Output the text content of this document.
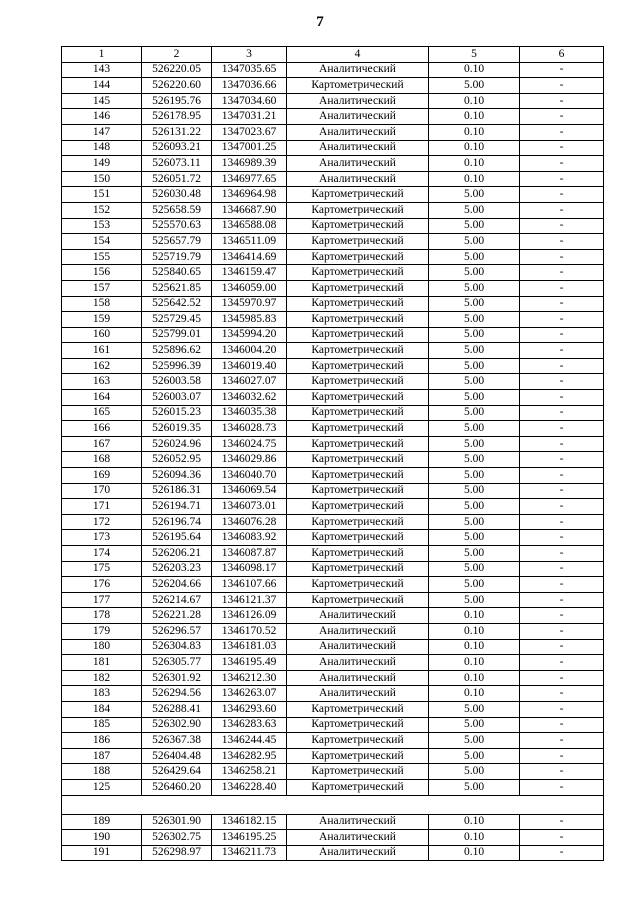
7
1	2	3	4	5	6
143	526220.05	1347035.65	Аналитический	0.10	-
144	526220.60	1347036.66	Картометрический	5.00	-
145	526195.76	1347034.60	Аналитический	0.10	-
146	526178.95	1347031.21	Аналитический	0.10	-
147	526131.22	1347023.67	Аналитический	0.10	-
148	526093.21	1347001.25	Аналитический	0.10	-
149	526073.11	1346989.39	Аналитический	0.10	-
150	526051.72	1346977.65	Аналитический	0.10	-
151	526030.48	1346964.98	Картометрический	5.00	-
152	525658.59	1346687.90	Картометрический	5.00	-
153	525570.63	1346588.08	Картометрический	5.00	-
154	525657.79	1346511.09	Картометрический	5.00	-
155	525719.79	1346414.69	Картометрический	5.00	-
156	525840.65	1346159.47	Картометрический	5.00	-
157	525621.85	1346059.00	Картометрический	5.00	-
158	525642.52	1345970.97	Картометрический	5.00	-
159	525729.45	1345985.83	Картометрический	5.00	-
160	525799.01	1345994.20	Картометрический	5.00	-
161	525896.62	1346004.20	Картометрический	5.00	-
162	525996.39	1346019.40	Картометрический	5.00	-
163	526003.58	1346027.07	Картометрический	5.00	-
164	526003.07	1346032.62	Картометрический	5.00	-
165	526015.23	1346035.38	Картометрический	5.00	-
166	526019.35	1346028.73	Картометрический	5.00	-
167	526024.96	1346024.75	Картометрический	5.00	-
168	526052.95	1346029.86	Картометрический	5.00	-
169	526094.36	1346040.70	Картометрический	5.00	-
170	526186.31	1346069.54	Картометрический	5.00	-
171	526194.71	1346073.01	Картометрический	5.00	-
172	526196.74	1346076.28	Картометрический	5.00	-
173	526195.64	1346083.92	Картометрический	5.00	-
174	526206.21	1346087.87	Картометрический	5.00	-
175	526203.23	1346098.17	Картометрический	5.00	-
176	526204.66	1346107.66	Картометрический	5.00	-
177	526214.67	1346121.37	Картометрический	5.00	-
178	526221.28	1346126.09	Аналитический	0.10	-
179	526296.57	1346170.52	Аналитический	0.10	-
180	526304.83	1346181.03	Аналитический	0.10	-
181	526305.77	1346195.49	Аналитический	0.10	-
182	526301.92	1346212.30	Аналитический	0.10	-
183	526294.56	1346263.07	Аналитический	0.10	-
184	526288.41	1346293.60	Картометрический	5.00	-
185	526302.90	1346283.63	Картометрический	5.00	-
186	526367.38	1346244.45	Картометрический	5.00	-
187	526404.48	1346282.95	Картометрический	5.00	-
188	526429.64	1346258.21	Картометрический	5.00	-
125	526460.20	1346228.40	Картометрический	5.00	-

189	526301.90	1346182.15	Аналитический	0.10	-
190	526302.75	1346195.25	Аналитический	0.10	-
191	526298.97	1346211.73	Аналитический	0.10	-
